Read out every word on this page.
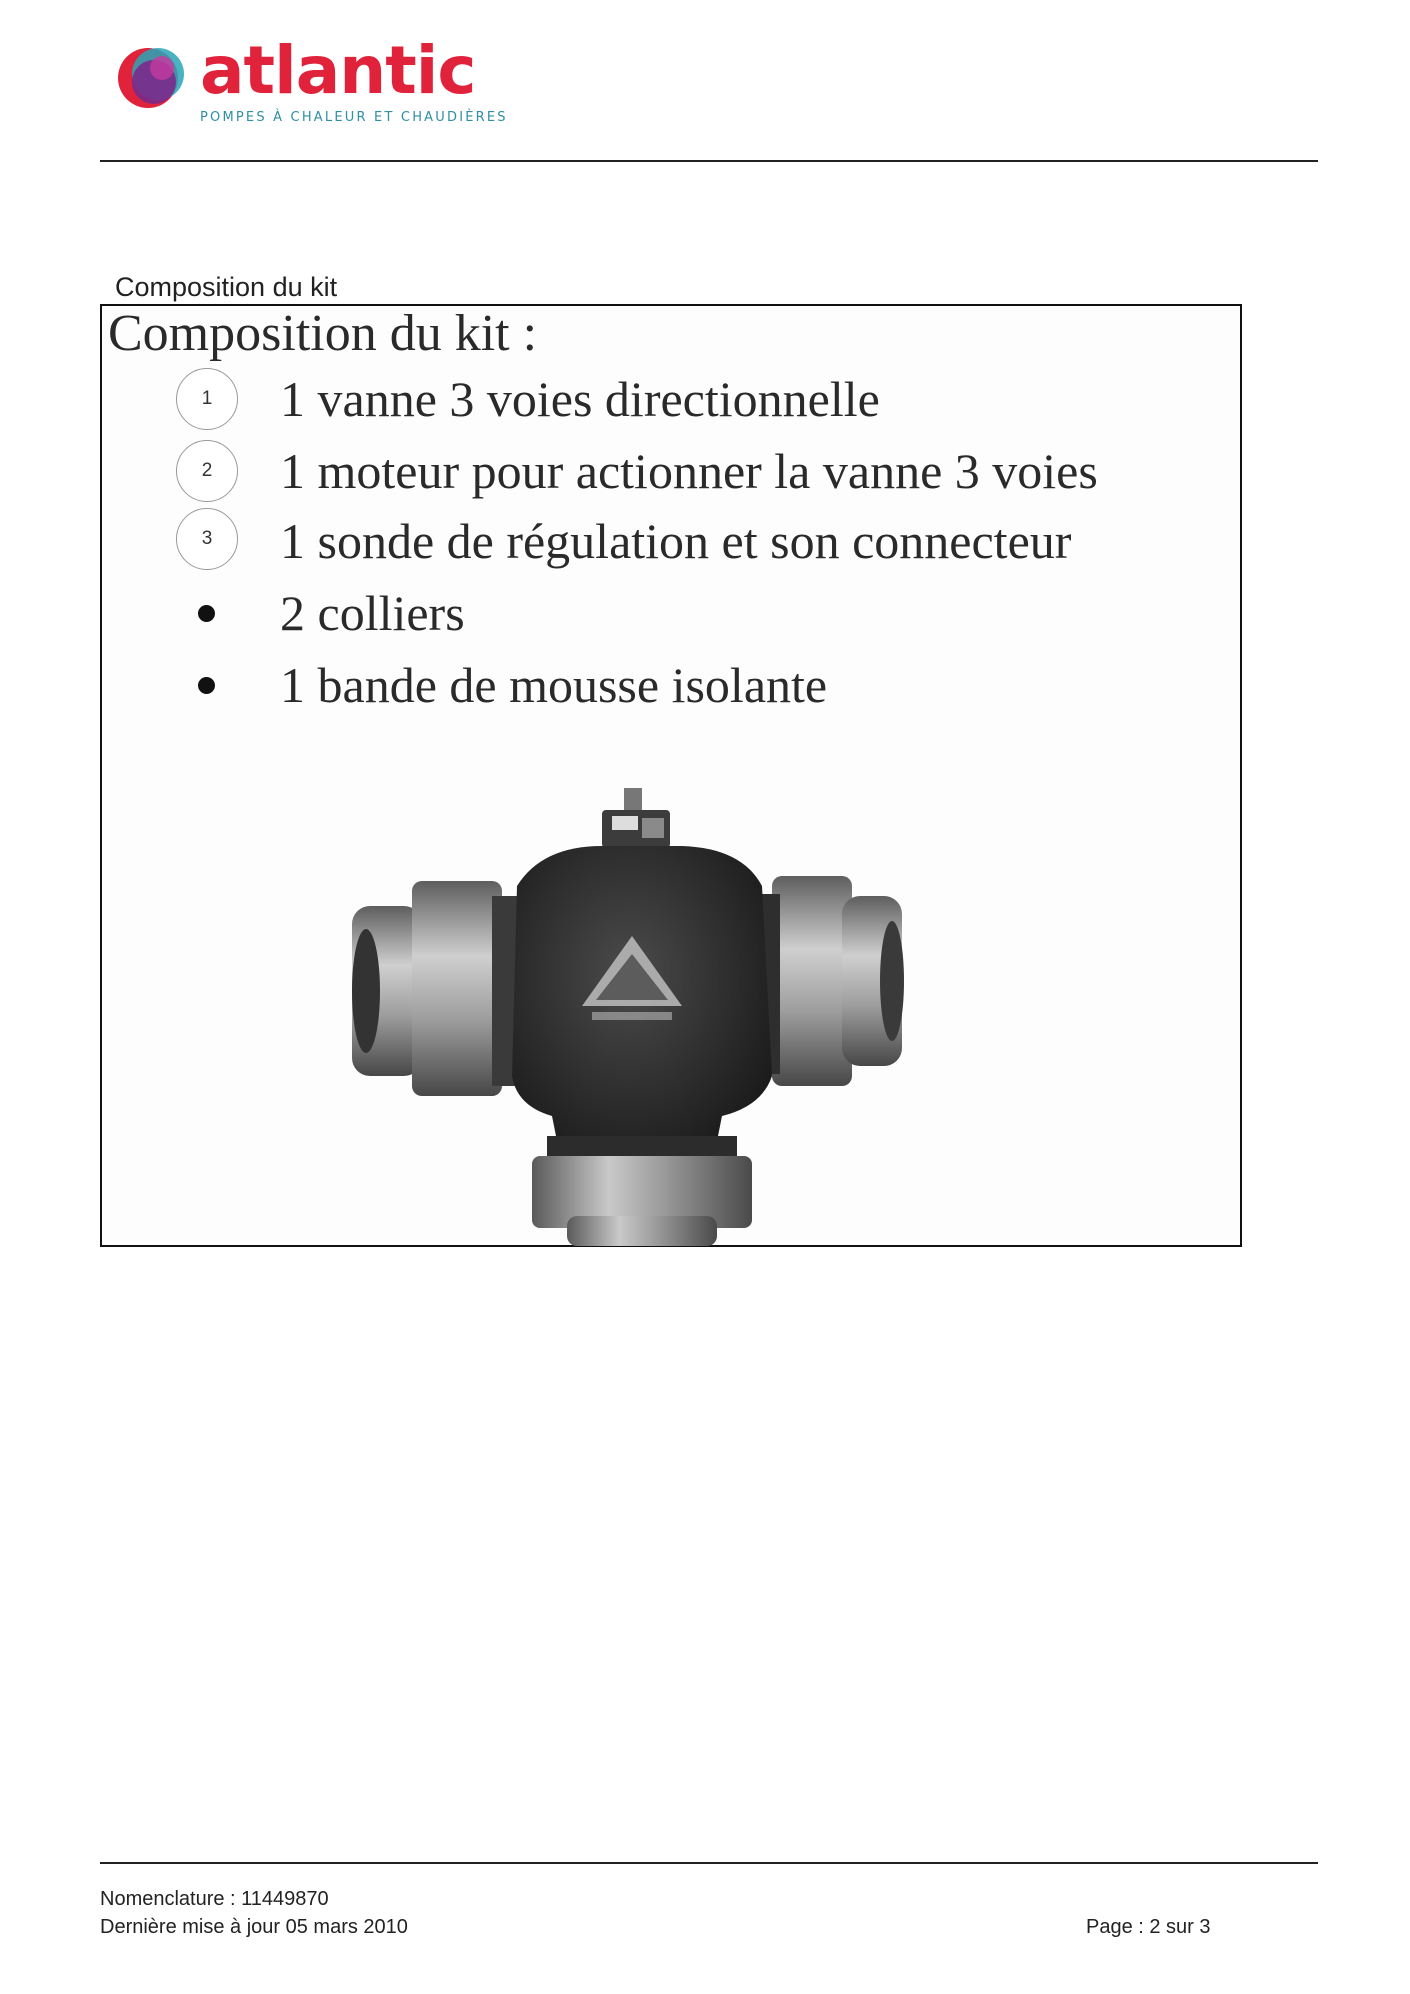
atlantic
POMPES À CHALEUR ET CHAUDIÈRES
Composition du kit
Composition du kit :
1	1 vanne 3 voies directionnelle
2	1 moteur pour actionner la vanne 3 voies
3	1 sonde de régulation et son connecteur
2 colliers
1 bande de mousse isolante
Nomenclature : 11449870
Dernière mise à jour 05 mars 2010	Page : 2 sur 3
